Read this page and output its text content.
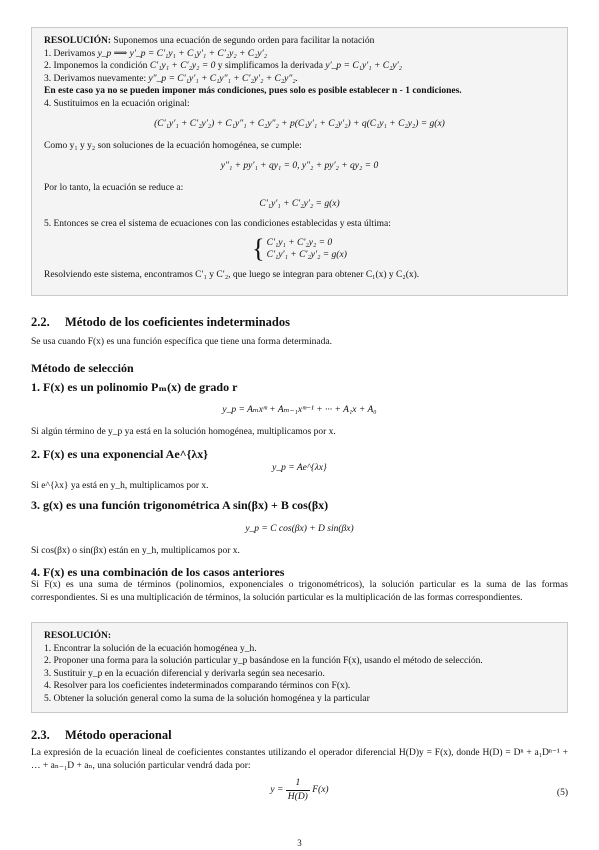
RESOLUCIÓN: Suponemos una ecuación de segundo orden para facilitar la notación
1. Derivamos y_p ⟹ y′_p = C′₁y₁ + C₁y′₁ + C′₂y₂ + C₂y′₂
2. Imponemos la condición C′₁y₁ + C′₂y₂ = 0 y simplificamos la derivada y′_p = C₁y′₁ + C₂y′₂
3. Derivamos nuevamente: y″_p = C′₁y′₁ + C₁y″₁ + C′₂y′₂ + C₂y″₂.
En este caso ya no se pueden imponer más condiciones, pues solo es posible establecer n - 1 condiciones.
4. Sustituimos en la ecuación original:
(C′₁y′₁ + C′₂y′₂) + C₁y″₁ + C₂y″₂ + p(C₁y′₁ + C₂y′₂) + q(C₁y₁ + C₂y₂) = g(x)
Como y₁ y y₂ son soluciones de la ecuación homogénea, se cumple:
y″₁ + py′₁ + qy₁ = 0, y″₂ + py′₂ + qy₂ = 0
Por lo tanto, la ecuación se reduce a:
C′₁y′₁ + C′₂y′₂ = g(x)
5. Entonces se crea el sistema de ecuaciones con las condiciones establecidas y esta última:
{ C′₁y₁ + C′₂y₂ = 0
C′₁y′₁ + C′₂y′₂ = g(x)
Resolviendo este sistema, encontramos C′₁ y C′₂, que luego se integran para obtener C₁(x) y C₂(x).
2.2. Método de los coeficientes indeterminados
Se usa cuando F(x) es una función específica que tiene una forma determinada.
Método de selección
1. F(x) es un polinomio Pₘ(x) de grado r
y_p = Aₘxᵐ + Aₘ₋₁xᵐ⁻¹ + ··· + A₁x + A₀
Si algún término de y_p ya está en la solución homogénea, multiplicamos por x.
2. F(x) es una exponencial Ae^{λx}
y_p = Ae^{λx}
Si e^{λx} ya está en y_h, multiplicamos por x.
3. g(x) es una función trigonométrica A sin(βx) + B cos(βx)
y_p = C cos(βx) + D sin(βx)
Si cos(βx) o sin(βx) están en y_h, multiplicamos por x.
4. F(x) es una combinación de los casos anteriores
Si F(x) es una suma de términos (polinomios, exponenciales o trigonométricos), la solución particular es la suma de las formas correspondientes. Si es una multiplicación de términos, la solución particular es la multiplicación de las formas correspondientes.
RESOLUCIÓN:
1. Encontrar la solución de la ecuación homogénea y_h.
2. Proponer una forma para la solución particular y_p basándose en la función F(x), usando el método de selección.
3. Sustituir y_p en la ecuación diferencial y derivarla según sea necesario.
4. Resolver para los coeficientes indeterminados comparando términos con F(x).
5. Obtener la solución general como la suma de la solución homogénea y la particular
2.3. Método operacional
La expresión de la ecuación lineal de coeficientes constantes utilizando el operador diferencial H(D)y = F(x), donde H(D) = Dⁿ + a₁Dⁿ⁻¹ + … + aₙ₋₁D + aₙ, una solución particular vendrá dada por:
$y = \frac{1}{H(D)} F(x)$	(5)
3
